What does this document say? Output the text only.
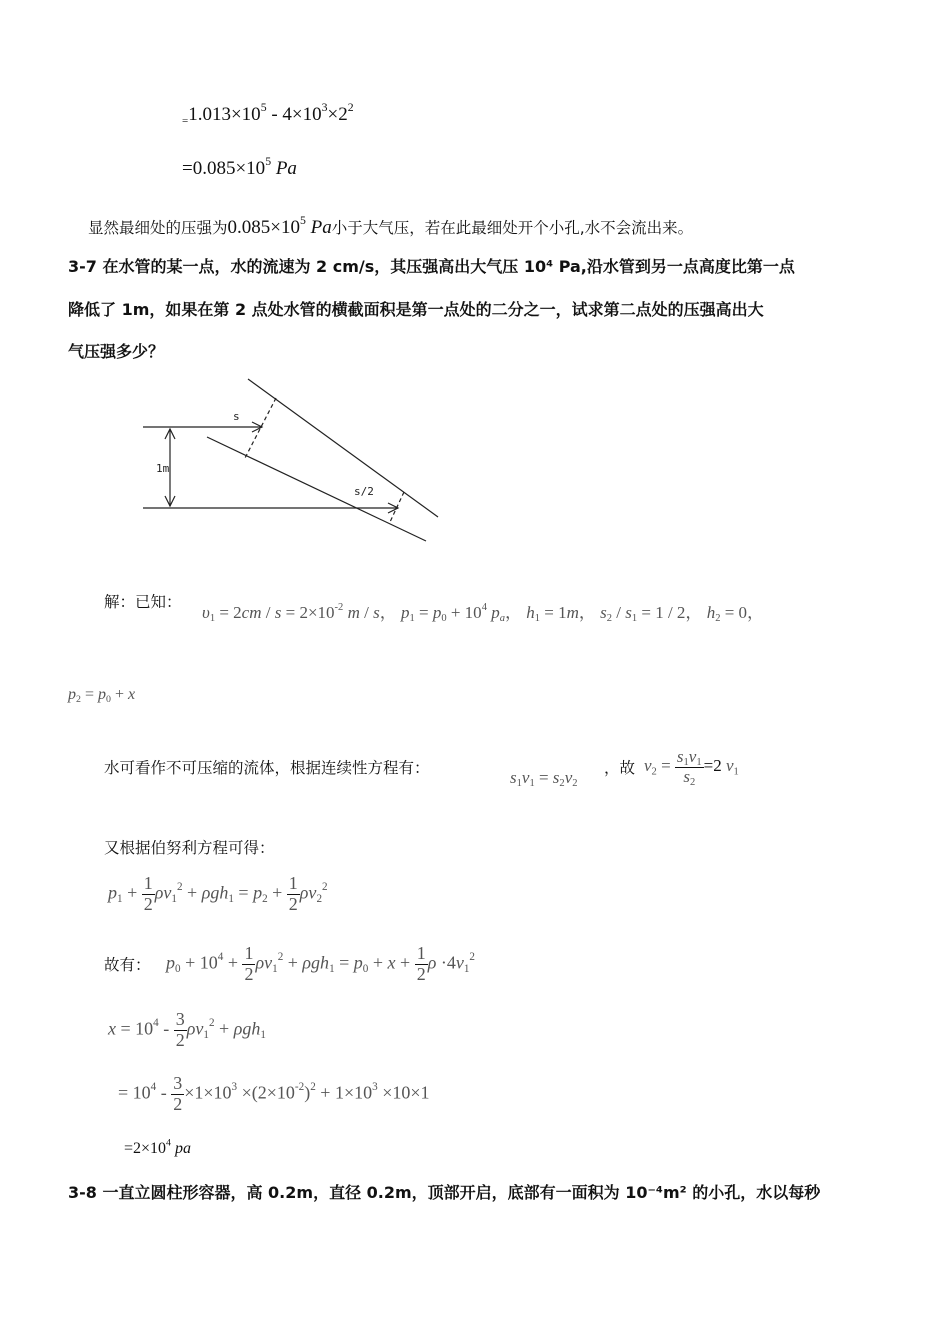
$_=1.013\times 10^5 - 4\times 10^3\times 2^2$
$=0.085\times 10^5$ Pa
显然最细处的压强为$0.085\times 10^5$ Pa小于大气压，若在此最细处开个小孔,水不会流出来。
3-7 在水管的某一点，水的流速为 2 cm/s，其压强高出大气压 10⁴ Pa,沿水管到另一点高度比第一点
降低了 1m，如果在第 2 点处水管的横截面积是第一点处的二分之一，试求第二点处的压强高出大
气压强多少？
s
1m
s/2
解：已知：
$\upsilon_1 = 2cm / s = 2\times 10^{-2}$ m / s， $p_1 = p_0 + 10^4$ $p_a$， $h_1 = 1m$， $s_2 / s_1 = 1 / 2$， $h_2 = 0$，
$p_2 = p_0 + x$
水可看作不可压缩的流体，根据连续性方程有：	$s_1v_1 = s_2v_2$
，故 $v_2 = \frac{s_1v_1}{s_2} =2$ $v_1$
又根据伯努利方程可得：
$p_1 + \frac{1}{2} \rho v_1^2 + \rho gh_1 = p_2 + \frac{1}{2} \rho v_2^2$
故有： $p_0 + 10^4 + \frac{1}{2} \rho v_1^2 + \rho gh_1 = p_0 + x + \frac{1}{2}$ $\rho \cdot 4v_1^2$
$x = 10^4 - \frac{3}{2} \rho v_1^2 + \rho gh_1$
= $10^4 - \frac{3}{2} \times 1\times 10^3 \times(2\times 10^{-2})^2 + 1\times 10^3 \times 10\times 1$
$=2\times 10^4$ pa
3-8 一直立圆柱形容器，高 0.2m，直径 0.2m，顶部开启，底部有一面积为 10⁻⁴m² 的小孔，水以每秒
